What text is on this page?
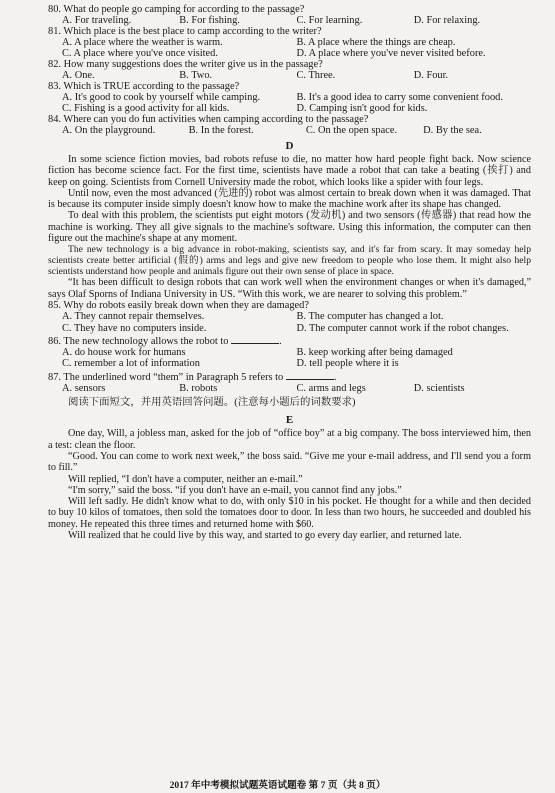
80. What do people go camping for according to the passage?
A. For traveling.	B. For fishing.	C. For learning.	D. For relaxing.
81. Which place is the best place to camp according to the writer?
A. A place where the weather is warm.	B. A place where the things are cheap.
C. A place where you've once visited.	D. A place where you've never visited before.
82. How many suggestions does the writer give us in the passage?
A. One.	B. Two.	C. Three.	D. Four.
83. Which is TRUE according to the passage?
A. It's good to cook by yourself while camping.	B. It's a good idea to carry some convenient food.
C. Fishing is a good activity for all kids.	D. Camping isn't good for kids.
84. Where can you do fun activities when camping according to the passage?
A. On the playground.	B. In the forest.	C. On the open space.	D. By the sea.
D

In some science fiction movies, bad robots refuse to die, no matter how hard people fight back. Now science fiction has become science fact. For the first time, scientists have made a robot that can take a beating (挨打) and keep on going. Scientists from Cornell University made the robot, which looks like a spider with four legs.

Until now, even the most advanced (先进的) robot was almost certain to break down when it was damaged. That is because its computer inside simply doesn't know how to make the machine work after its shape has changed.

To deal with this problem, the scientists put eight motors (发动机) and two sensors (传感器) that read how the machine is working. They all give signals to the machine's software. Using this information, the computer can then figure out the machine's shape at any moment.

The new technology is a big advance in robot-making, scientists say, and it's far from scary. It may someday help scientists create better artificial (假的) arms and legs and give new freedom to people who lose them. It might also help scientists understand how people and animals figure out their own sense of place in space.

“It has been difficult to design robots that can work well when the environment changes or when it's damaged,” says Olaf Sporns of Indiana University in US. “With this work, we are nearer to solving this problem.”

85. Why do robots easily break down when they are damaged?
A. They cannot repair themselves.	B. The computer has changed a lot.
C. They have no computers inside.	D. The computer cannot work if the robot changes.
86. The new technology allows the robot to	.
A. do house work for humans	B. keep working after being damaged
C. remember a lot of information	D. tell people where it is
87. The underlined word “them” in Paragraph 5 refers to	.
A. sensors	B. robots	C. arms and legs	D. scientists
阅读下面短文，并用英语回答问题。(注意每小题后的词数要求)
E

One day, Will, a jobless man, asked for the job of “office boy” at a big company. The boss interviewed him, then a test: clean the floor.

“Good. You can come to work next week,” the boss said. “Give me your e-mail address, and I'll send you a form to fill.”

Will replied, “I don't have a computer, neither an e-mail.”

“I'm sorry,” said the boss. “if you don't have an e-mail, you cannot find any jobs.”

Will left sadly. He didn't know what to do, with only $10 in his pocket. He thought for a while and then decided to buy 10 kilos of tomatoes, then sold the tomatoes door to door. In less than two hours, he succeeded and doubled his money. He repeated this three times and returned home with $60.

Will realized that he could live by this way, and started to go every day earlier, and returned late.

2017 年中考模拟试题英语试题卷 第 7 页（共 8 页）
